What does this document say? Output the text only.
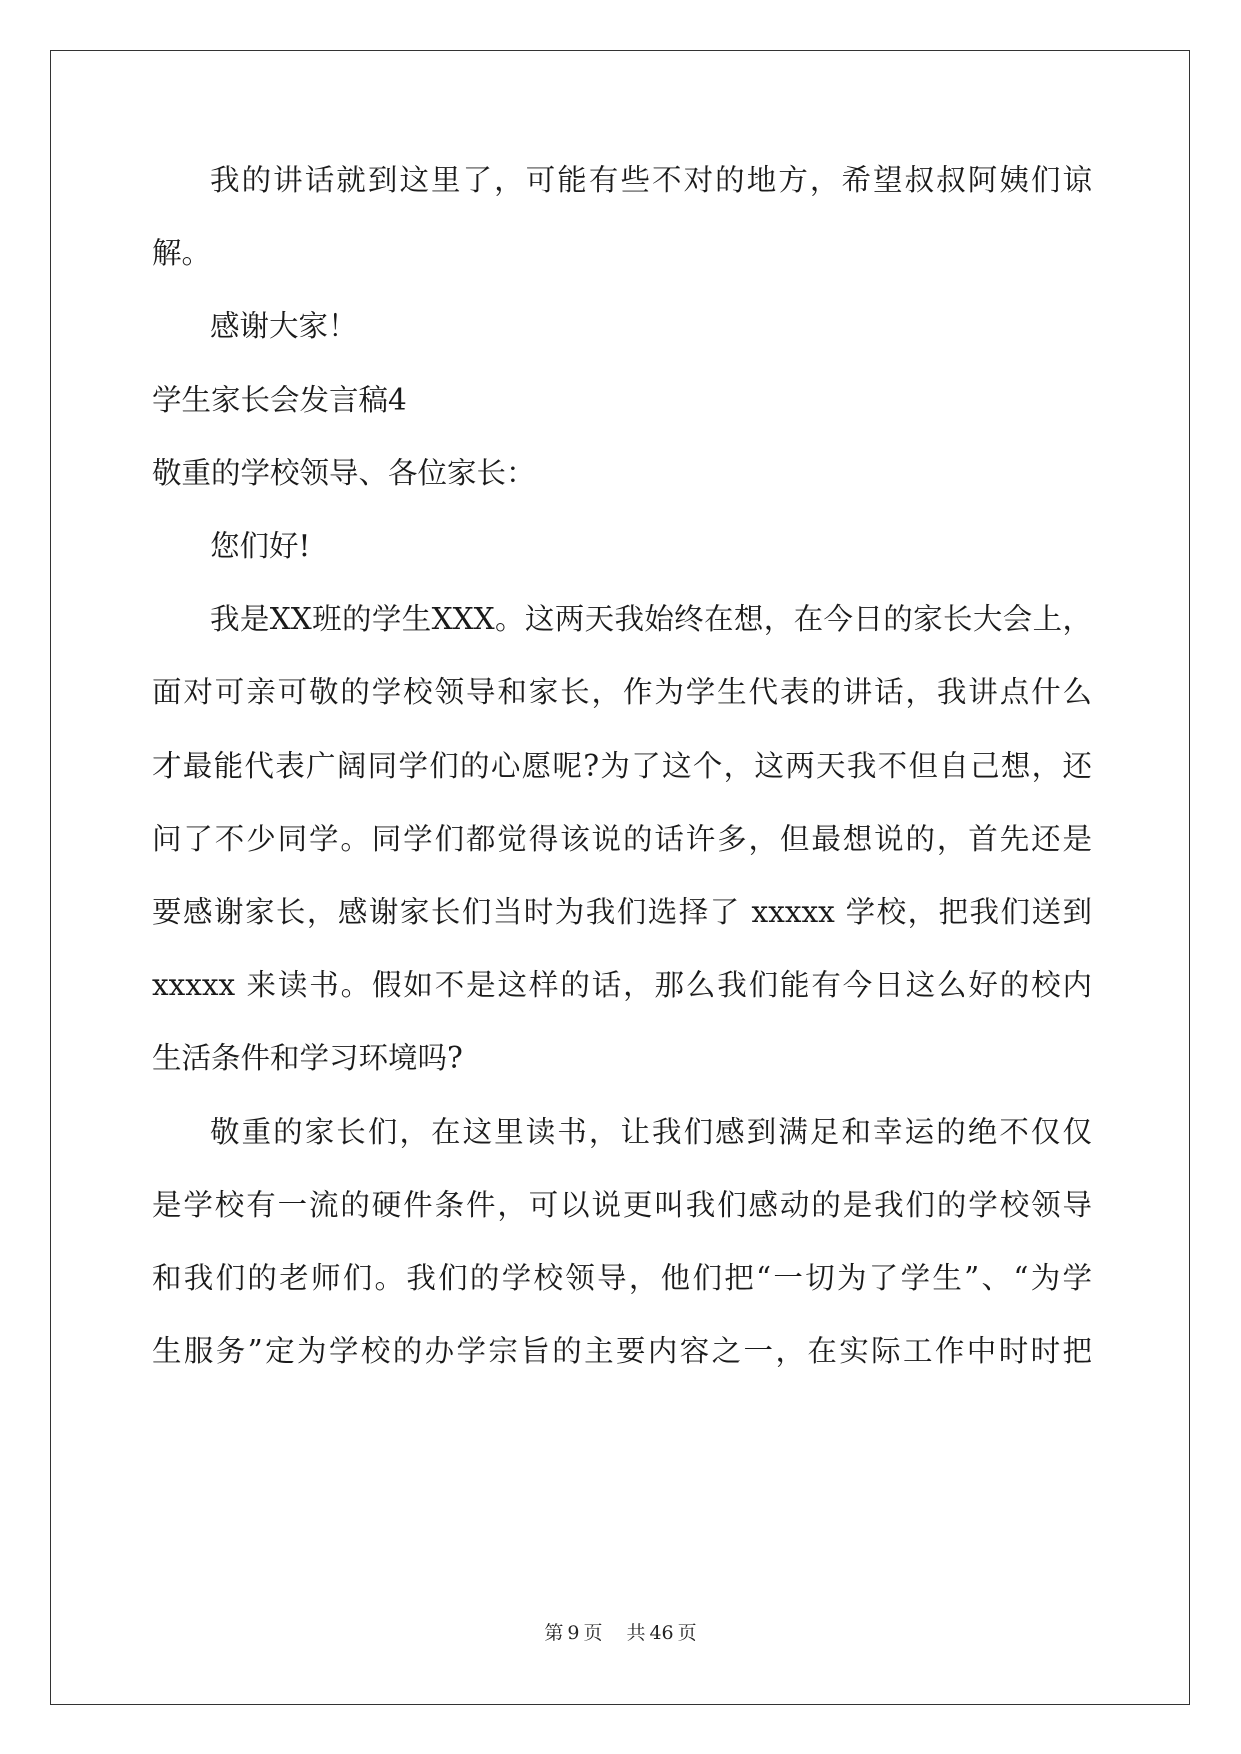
我的讲话就到这里了，可能有些不对的地方，希望叔叔阿姨们谅
解。
感谢大家！
学生家长会发言稿4
敬重的学校领导、各位家长：
您们好!
我是XX班的学生XXX。这两天我始终在想，在今日的家长大会上，
面对可亲可敬的学校领导和家长，作为学生代表的讲话，我讲点什么
才最能代表广阔同学们的心愿呢?为了这个，这两天我不但自己想，还
问了不少同学。同学们都觉得该说的话许多，但最想说的，首先还是
要感谢家长，感谢家长们当时为我们选择了 xxxxx 学校，把我们送到
xxxxx 来读书。假如不是这样的话，那么我们能有今日这么好的校内
生活条件和学习环境吗?
敬重的家长们，在这里读书，让我们感到满足和幸运的绝不仅仅
是学校有一流的硬件条件，可以说更叫我们感动的是我们的学校领导
和我们的老师们。我们的学校领导，他们把“一切为了学生”、“为学
生服务”定为学校的办学宗旨的主要内容之一，在实际工作中时时把
第 9 页 共 46 页
